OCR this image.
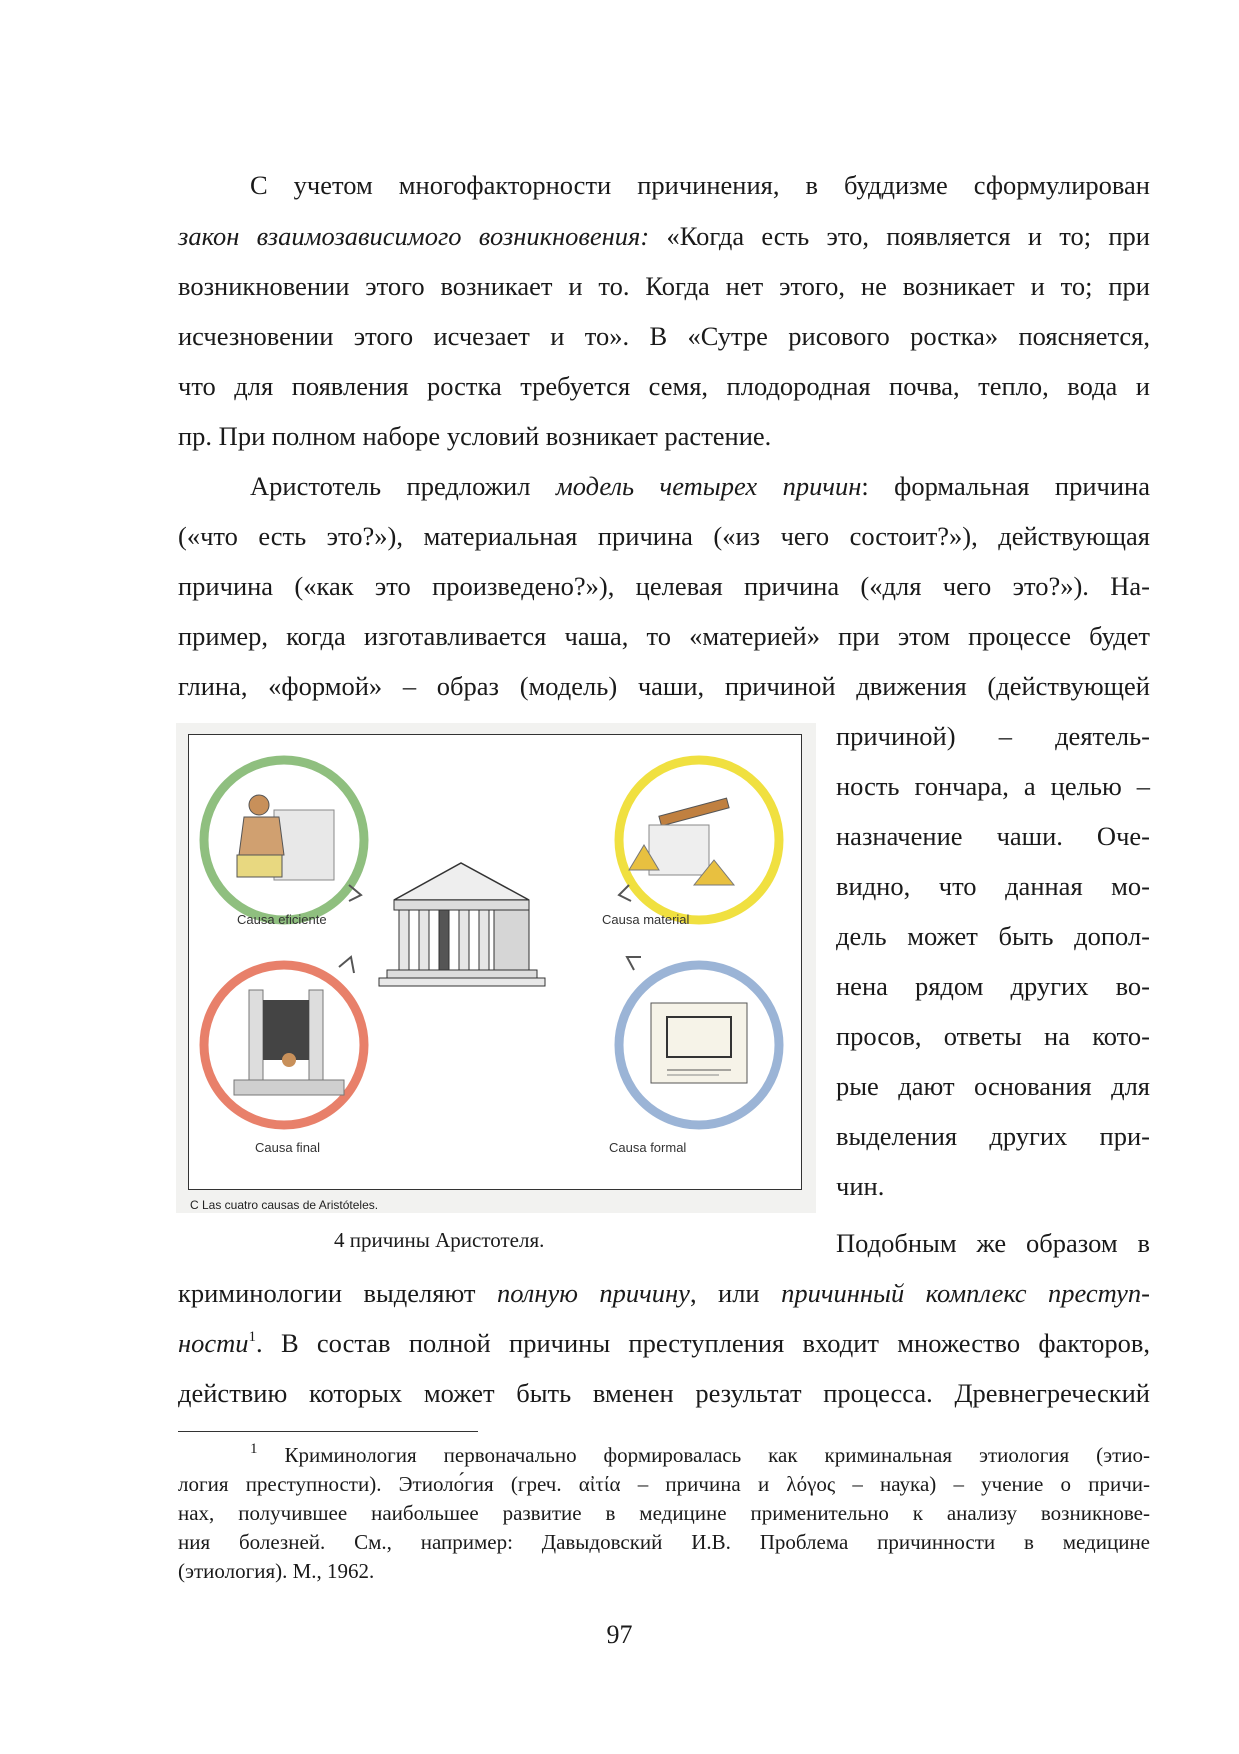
С учетом многофакторности причинения, в буддизме сформулирован
закон взаимозависимого возникновения: «Когда есть это, появляется и то; при
возникновении этого возникает и то. Когда нет этого, не возникает и то; при
исчезновении этого исчезает и то». В «Сутре рисового ростка» поясняется,
что для появления ростка требуется семя, плодородная почва, тепло, вода и
пр. При полном наборе условий возникает растение.
Аристотель предложил модель четырех причин: формальная причина
(«что есть это?»), материальная причина («из чего состоит?»), действующая
причина («как это произведено?»), целевая причина («для чего это?»). На-
пример, когда изготавливается чаша, то «материей» при этом процессе будет
глина, «формой» – образ (модель) чаши, причиной движения (действующей
Causa eficiente	Causa material
Causa final	Causa formal
C Las cuatro causas de Aristóteles.
причиной) – деятель-
ность гончара, а целью –
назначение чаши. Оче-
видно, что данная мо-
дель может быть допол-
нена рядом других во-
просов, ответы на кото-
рые дают основания для
выделения других при-
чин.
4 причины Аристотеля.	Подобным же образом в
криминологии выделяют полную причину, или причинный комплекс преступ-
ности$^1$. В состав полной причины преступления входит множество факторов,
действию которых может быть вменен результат процесса. Древнегреческий
$^1$ Криминология первоначально формировалась как криминальная этиология (этио-
логия преступности). Этиоло́гия (греч. αἰτία – причина и λόγος – наука) – учение о причи-
нах, получившее наибольшее развитие в медицине применительно к анализу возникнове-
ния болезней. См., например: Давыдовский И.В. Проблема причинности в медицине
(этиология). М., 1962.
97
